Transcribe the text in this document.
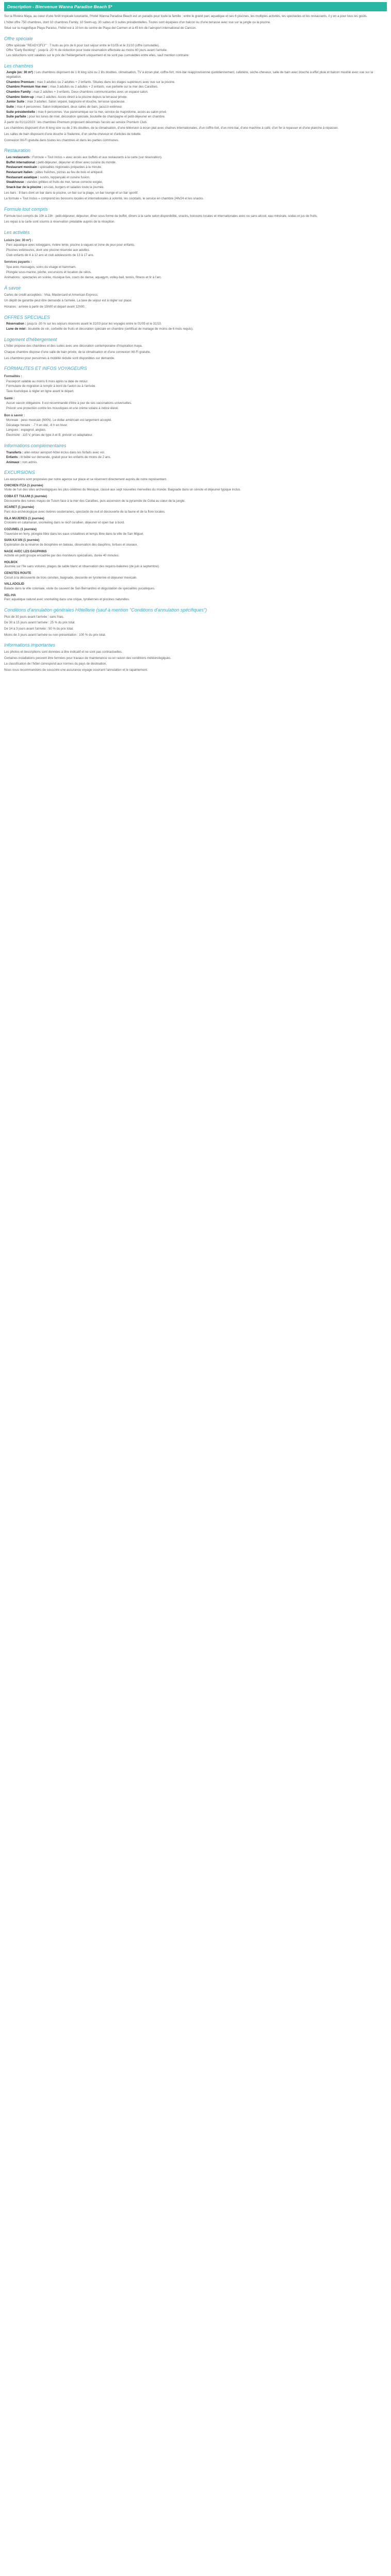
Description - Bienvenue Wanna Paradise Beach 5*

Sur la Riviera Maya, au cœur d'une forêt tropicale luxuriante, l'Hotel Wanna Paradise Beach est un paradis pour toute la famille : entre le grand parc aquatique et ses 6 piscines, les multiples activités, les spectacles et les restaurants, il y en a pour tous les goûts.

L'hôtel offre 750 chambres, dont 10 chambres Family, 10 Swim-up, 30 suites et 3 suites présidentielles. Toutes sont équipées d'un balcon ou d'une terrasse avec vue sur la jungle ou la piscine.

Situé sur la magnifique Playa Paraíso, l'hôtel est à 10 km du centre de Playa del Carmen et à 45 km de l'aéroport international de Cancún.

Offre spéciale
Offre spéciale "READY2FLY" : 7 nuits au prix de 6 pour tout séjour entre le 01/05 et le 31/10 (offre cumulable).
Offre "Early Booking" : jusqu'à -20 % de réduction pour toute réservation effectuée au moins 60 jours avant l'arrivée.
Les réductions sont valables sur le prix de l'hébergement uniquement et ne sont pas cumulables entre elles, sauf mention contraire.
Les chambres
Jungle (ex: 30 m²) : Les chambres disposent de 1 lit king size ou 2 lits doubles, climatisation, TV à écran plat, coffre-fort, mini-bar réapprovisionné quotidiennement, cafetière, sèche-cheveux, salle de bain avec douche à effet pluie et balcon meublé avec vue sur la végétation.
Chambre Premium : max 3 adultes ou 2 adultes + 2 enfants. Situées dans les étages supérieurs avec vue sur la piscine.
Chambre Premium Vue mer : max 3 adultes ou 2 adultes + 2 enfants, vue partielle sur la mer des Caraïbes.
Chambre Family : max 2 adultes + 3 enfants. Deux chambres communicantes avec un espace salon.
Chambre Swim-up : max 2 adultes. Accès direct à la piscine depuis la terrasse privée.
Junior Suite : max 3 adultes. Salon séparé, baignoire et douche, terrasse spacieuse.
Suite : max 4 personnes. Salon indépendant, deux salles de bain, jacuzzi extérieur.
Suite présidentielle : max 6 personnes. Vue panoramique sur la mer, service de majordome, accès au salon privé.
Suite parfaite : pour les lunes de miel, décoration spéciale, bouteille de champagne et petit-déjeuner en chambre.

À partir du 01/11/2023 : les chambres Premium proposent désormais l'accès au service Premium Club.

Les chambres disposent d'un lit king size ou de 2 lits doubles, de la climatisation, d'une télévision à écran plat avec chaînes internationales, d'un coffre-fort, d'un mini-bar, d'une machine à café, d'un fer à repasser et d'une planche à repasser.

Les salles de bain disposent d'une douche à l'italienne, d'un sèche-cheveux et d'articles de toilette.

Connexion Wi-Fi gratuite dans toutes les chambres et dans les parties communes.

Restauration
Les restaurants : Formule « Tout Inclus » avec accès aux buffets et aux restaurants à la carte (sur réservation).
Buffet international : petit-déjeuner, déjeuner et dîner avec cuisine du monde.
Restaurant mexicain : spécialités régionales préparées à la minute.
Restaurant italien : pâtes fraîches, pizzas au feu de bois et antipasti.
Restaurant asiatique : sushis, teppanyaki et cuisine fusion.
Steakhouse : viandes grillées et fruits de mer, tenue correcte exigée.
Snack-bar de la piscine : en-cas, burgers et salades toute la journée.

Les bars : 8 bars dont un bar dans la piscine, un bar sur la plage, un bar lounge et un bar sportif.

La formule « Tout Inclus » comprend les boissons locales et internationales à volonté, les cocktails, le service en chambre 24h/24 et les snacks.

Formule tout compris

Formule tout compris de 10h à 23h : petit-déjeuner, déjeuner, dîner sous forme de buffet, dîners à la carte selon disponibilité, snacks, boissons locales et internationales avec ou sans alcool, eau minérale, sodas et jus de fruits.

Les repas à la carte sont soumis à réservation préalable auprès de la réception.

Les activités
Loisirs (ex: 30 m²) :
Parc aquatique avec toboggans, rivière lente, piscine à vagues et zone de jeux pour enfants.
Piscines extérieures, dont une piscine réservée aux adultes.
Club enfants de 4 à 12 ans et club adolescents de 13 à 17 ans.
Services payants :
Spa avec massages, soins du visage et hammam.
Plongée sous-marine, pêche, excursions et location de vélos.

Animations : spectacles en soirée, musique live, cours de danse, aquagym, volley-ball, tennis, fitness et tir à l'arc.

À savoir

Cartes de crédit acceptées : Visa, Mastercard et American Express.

Un dépôt de garantie peut être demandé à l'arrivée. La taxe de séjour est à régler sur place.

Horaires : arrivée à partir de 15h00 et départ avant 12h00.

OFFRES SPECIALES
Réservation : jusqu'à -30 % sur les séjours réservés avant le 31/03 pour les voyages entre le 01/05 et le 31/10.
Lune de miel : bouteille de vin, corbeille de fruits et décoration spéciale en chambre (certificat de mariage de moins de 6 mois requis).
Logement d'hébergement

L'hôtel propose des chambres et des suites avec une décoration contemporaine d'inspiration maya.

Chaque chambre dispose d'une salle de bain privée, de la climatisation et d'une connexion Wi-Fi gratuite.

Les chambres pour personnes à mobilité réduite sont disponibles sur demande.

FORMALITES ET INFOS VOYAGEURS
Formalités :
Passeport valable au moins 6 mois après la date de retour.
Formulaire de migration à remplir à bord de l'avion ou à l'arrivée.
Taxe touristique à régler en ligne avant le départ.
Santé :
Aucun vaccin obligatoire. Il est recommandé d'être à jour de ses vaccinations universelles.
Prévoir une protection contre les moustiques et une crème solaire à indice élevé.
Bon à savoir :
Monnaie : peso mexicain (MXN). Le dollar américain est largement accepté.
Décalage horaire : -7 h en été, -6 h en hiver.
Langues : espagnol, anglais.
Électricité : 110 V, prises de type A et B, prévoir un adaptateur.
Informations complémentaires
Transferts : aller-retour aéroport-hôtel inclus dans les forfaits avec vol.
Enfants : lit bébé sur demande, gratuit pour les enfants de moins de 2 ans.
Animaux : non admis.
EXCURSIONS

Les excursions sont proposées par notre agence sur place et se réservent directement auprès de notre représentant.

CHICHEN ITZA (1 journée)

Visite de l'un des sites archéologiques les plus célèbres du Mexique, classé aux sept nouvelles merveilles du monde. Baignade dans un cénote et déjeuner typique inclus.

COBA ET TULUM (1 journée)

Découverte des ruines mayas de Tulum face à la mer des Caraïbes, puis ascension de la pyramide de Coba au cœur de la jungle.

XCARET (1 journée)

Parc éco-archéologique avec rivières souterraines, spectacle de nuit et découverte de la faune et de la flore locales.

ISLA MUJERES (1 journée)

Croisière en catamaran, snorkeling dans le récif corallien, déjeuner et open bar à bord.

COZUMEL (1 journée)

Traversée en ferry, plongée libre dans les eaux cristallines et temps libre dans la ville de San Miguel.

SIAN KA'AN (1 journée)

Exploration de la réserve de biosphère en bateau, observation des dauphins, tortues et oiseaux.

NAGE AVEC LES DAUPHINS

Activité en petit groupe encadrée par des moniteurs spécialisés, durée 40 minutes.

HOLBOX

Journée sur l'île sans voitures, plages de sable blanc et observation des requins-baleines (de juin à septembre).

CENOTES ROUTE

Circuit à la découverte de trois cénotes, baignade, descente en tyrolienne et déjeuner mexicain.

VALLADOLID

Balade dans la ville coloniale, visite du couvent de San Bernardino et dégustation de spécialités yucatèques.

XEL-HA

Parc aquatique naturel avec snorkeling dans une crique, tyroliennes et piscines naturelles.

Conditions d'annulation générales Hôtellerie (sauf à mention "Conditions d'annulation spécifiques")

Plus de 30 jours avant l'arrivée : sans frais.

De 30 à 15 jours avant l'arrivée : 25 % du prix total.

De 14 à 3 jours avant l'arrivée : 50 % du prix total.

Moins de 3 jours avant l'arrivée ou non-présentation : 100 % du prix total.

Informations importantes

Les photos et descriptions sont données à titre indicatif et ne sont pas contractuelles.

Certaines installations peuvent être fermées pour travaux de maintenance ou en raison des conditions météorologiques.

La classification de l'hôtel correspond aux normes du pays de destination.

Nous vous recommandons de souscrire une assurance voyage couvrant l'annulation et le rapatriement.
